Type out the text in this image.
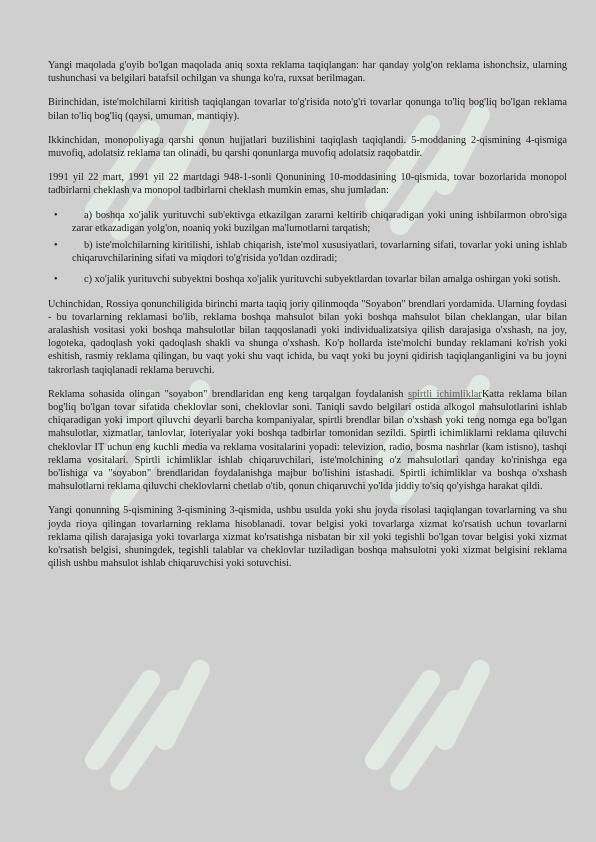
Yangi maqolada g'oyib bo'lgan maqolada aniq soxta reklama taqiqlangan: har qanday yolg'on reklama ishonchsiz, ularning tushunchasi va belgilari batafsil ochilgan va shunga ko'ra, ruxsat berilmagan.

Birinchidan, iste'molchilarni kiritish taqiqlangan tovarlar to'g'risida noto'g'ri tovarlar qonunga to'liq bog'liq bo'lgan reklama bilan to'liq bog'liq (qaysi, umuman, mantiqiy).

Ikkinchidan, monopoliyaga qarshi qonun hujjatlari buzilishini taqiqlash taqiqlandi. 5-moddaning 2-qismining 4-qismiga muvofiq, adolatsiz reklama tan olinadi, bu qarshi qonunlarga muvofiq adolatsiz raqobatdir.

1991 yil 22 mart, 1991 yil 22 martdagi 948-1-sonli Qonunining 10-moddasining 10-qismida, tovar bozorlarida monopol tadbirlarni cheklash va monopol tadbirlarni cheklash mumkin emas, shu jumladan:

•	a) boshqa xo'jalik yurituvchi sub'ektivga etkazilgan zararni keltirib chiqaradigan yoki uning ishbilarmon obro'siga zarar etkazadigan yolg'on, noaniq yoki buzilgan ma'lumotlarni tarqatish;
•	b) iste'molchilarning kiritilishi, ishlab chiqarish, iste'mol xususiyatlari, tovarlarning sifati, tovarlar yoki uning ishlab chiqaruvchilarining sifati va miqdori to'g'risida yo'ldan ozdiradi;
•	c) xo'jalik yurituvchi subyektni boshqa xo'jalik yurituvchi subyektlardan tovarlar bilan amalga oshirgan yoki sotish.

Uchinchidan, Rossiya qonunchiligida birinchi marta taqiq joriy qilinmoqda "Soyabon" brendlari yordamida. Ularning foydasi - bu tovarlarning reklamasi bo'lib, reklama boshqa mahsulot bilan yoki boshqa mahsulot bilan cheklangan, ular bilan aralashish vositasi yoki boshqa mahsulotlar bilan taqqoslanadi yoki individualizatsiya qilish darajasiga o'xshash, na joy, logoteka, qadoqlash yoki qadoqlash shakli va shunga o'xshash. Ko'p hollarda iste'molchi bunday reklamani ko'rish yoki eshitish, rasmiy reklama qilingan, bu vaqt yoki shu vaqt ichida, bu vaqt yoki bu joyni qidirish taqiqlanganligini va bu joyni takrorlash taqiqlanadi reklama beruvchi.

Reklama sohasida olingan "soyabon" brendlaridan eng keng tarqalgan foydalanish spirtli ichimliklarKatta reklama bilan bog'liq bo'lgan tovar sifatida cheklovlar soni, cheklovlar soni. Taniqli savdo belgilari ostida alkogol mahsulotlarini ishlab chiqaradigan yoki import qiluvchi deyarli barcha kompaniyalar, spirtli brendlar bilan o'xshash yoki teng nomga ega bo'lgan mahsulotlar, xizmatlar, tanlovlar, loteriyalar yoki boshqa tadbirlar tomonidan sezildi. Spirtli ichimliklarni reklama qiluvchi cheklovlar IT uchun eng kuchli media va reklama vositalarini yopadi: televizion, radio, bosma nashrlar (kam istisno), tashqi reklama vositalari. Spirtli ichimliklar ishlab chiqaruvchilari, iste'molchining o'z mahsulotlari qanday ko'rinishga ega bo'lishiga va "soyabon" brendlaridan foydalanishga majbur bo'lishini istashadi. Spirtli ichimliklar va boshqa o'xshash mahsulotlarni reklama qiluvchi cheklovlarni chetlab o'tib, qonun chiqaruvchi yo'lda jiddiy to'siq qo'yishga harakat qildi.

Yangi qonunning 5-qismining 3-qismining 3-qismida, ushbu usulda yoki shu joyda risolasi taqiqlangan tovarlarning va shu joyda rioya qilingan tovarlarning reklama hisoblanadi. tovar belgisi yoki tovarlarga xizmat ko'rsatish uchun tovarlarni reklama qilish darajasiga yoki tovarlarga xizmat ko'rsatishga nisbatan bir xil yoki tegishli bo'lgan tovar belgisi yoki xizmat ko'rsatish belgisi, shuningdek, tegishli talablar va cheklovlar tuziladigan boshqa mahsulotni yoki xizmat belgisini reklama qilish ushbu mahsulot ishlab chiqaruvchisi yoki sotuvchisi.
